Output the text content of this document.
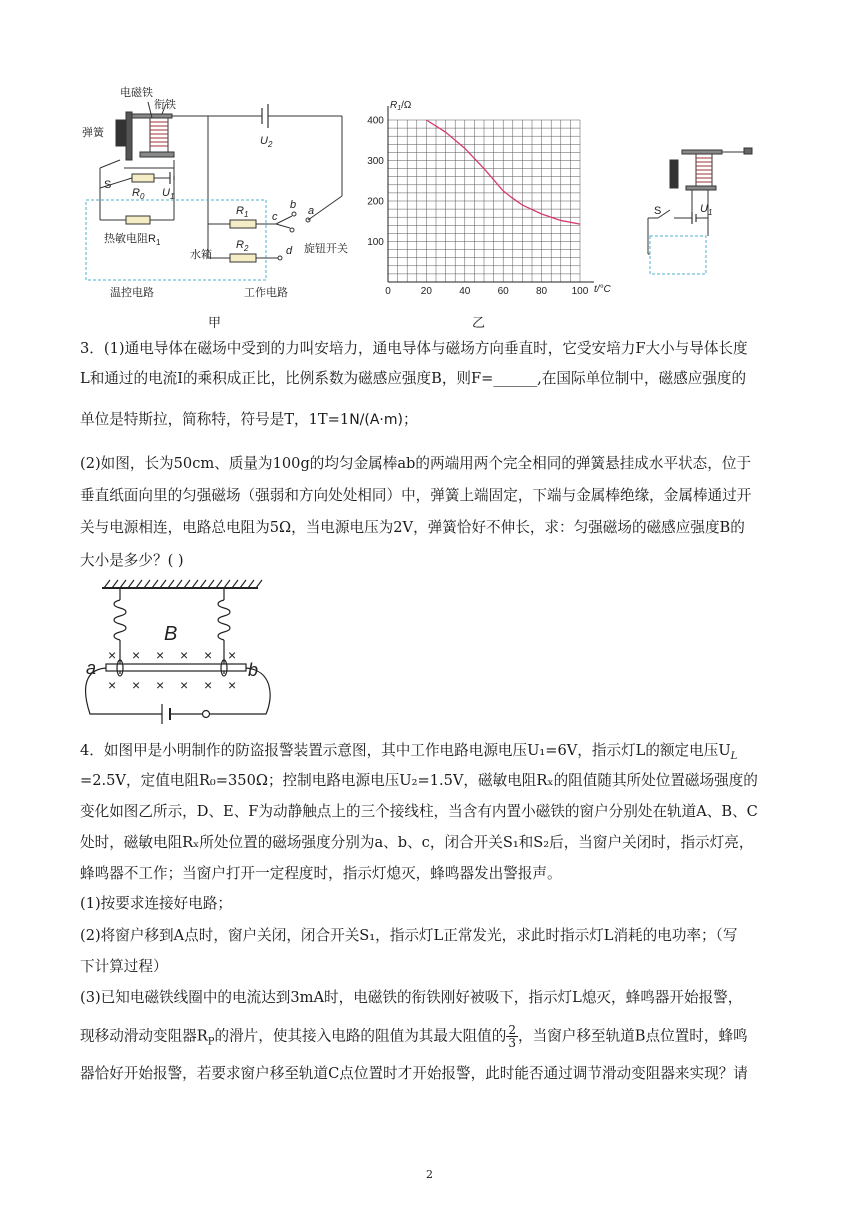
电磁铁
衔铁
弹簧
S
$R_0$ $U_1$
$U_2$
热敏电阻$R_1$
$R_1$
$R_2$
c
b a
d
水箱	旋钮开关
温控电路	工作电路
甲
0	20	40	60	80 100
100
200
300
400
$R_1/\Omega$
t/°C
乙
S	$U_1$
3．(1)通电导体在磁场中受到的力叫安培力，通电导体与磁场方向垂直时，它受安培力F大小与导体长度
L和通过的电流I的乘积成正比，比例系数为磁感应强度B，则F=______,在国际单位制中，磁感应强度的
单位是特斯拉，简称特，符号是T，1T=1N/(A·m)；
(2)如图，长为50cm、质量为100g的均匀金属棒ab的两端用两个完全相同的弹簧悬挂成水平状态，位于
垂直纸面向里的匀强磁场（强弱和方向处处相同）中，弹簧上端固定，下端与金属棒绝缘，金属棒通过开
关与电源相连，电路总电阻为5Ω，当电源电压为2V，弹簧恰好不伸长，求：匀强磁场的磁感应强度B的
大小是多少？( )
B
a	b
× × × × × ×
× × × × × ×
4．如图甲是小明制作的防盗报警装置示意图，其中工作电路电源电压U₁=6V，指示灯L的额定电压$U_L$
=2.5V，定值电阻R₀=350Ω；控制电路电源电压U₂=1.5V，磁敏电阻Rₓ的阻值随其所处位置磁场强度的
变化如图乙所示，D、E、F为动静触点上的三个接线柱，当含有内置小磁铁的窗户分别处在轨道A、B、C
处时，磁敏电阻Rₓ所处位置的磁场强度分别为a、b、c，闭合开关S₁和S₂后，当窗户关闭时，指示灯亮，
蜂鸣器不工作；当窗户打开一定程度时，指示灯熄灭，蜂鸣器发出警报声。
(1)按要求连接好电路；
(2)将窗户移到A点时，窗户关闭，闭合开关S₁，指示灯L正常发光，求此时指示灯L消耗的电功率；（写
下计算过程）
(3)已知电磁铁线圈中的电流达到3mA时，电磁铁的衔铁刚好被吸下，指示灯L熄灭，蜂鸣器开始报警，
现移动滑动变阻器$R_P$的滑片，使其接入电路的阻值为其最大阻值的 $\frac{2}{3}$ ，当窗户移至轨道B点位置时，蜂鸣
器恰好开始报警，若要求窗户移至轨道C点位置时才开始报警，此时能否通过调节滑动变阻器来实现？请
2
